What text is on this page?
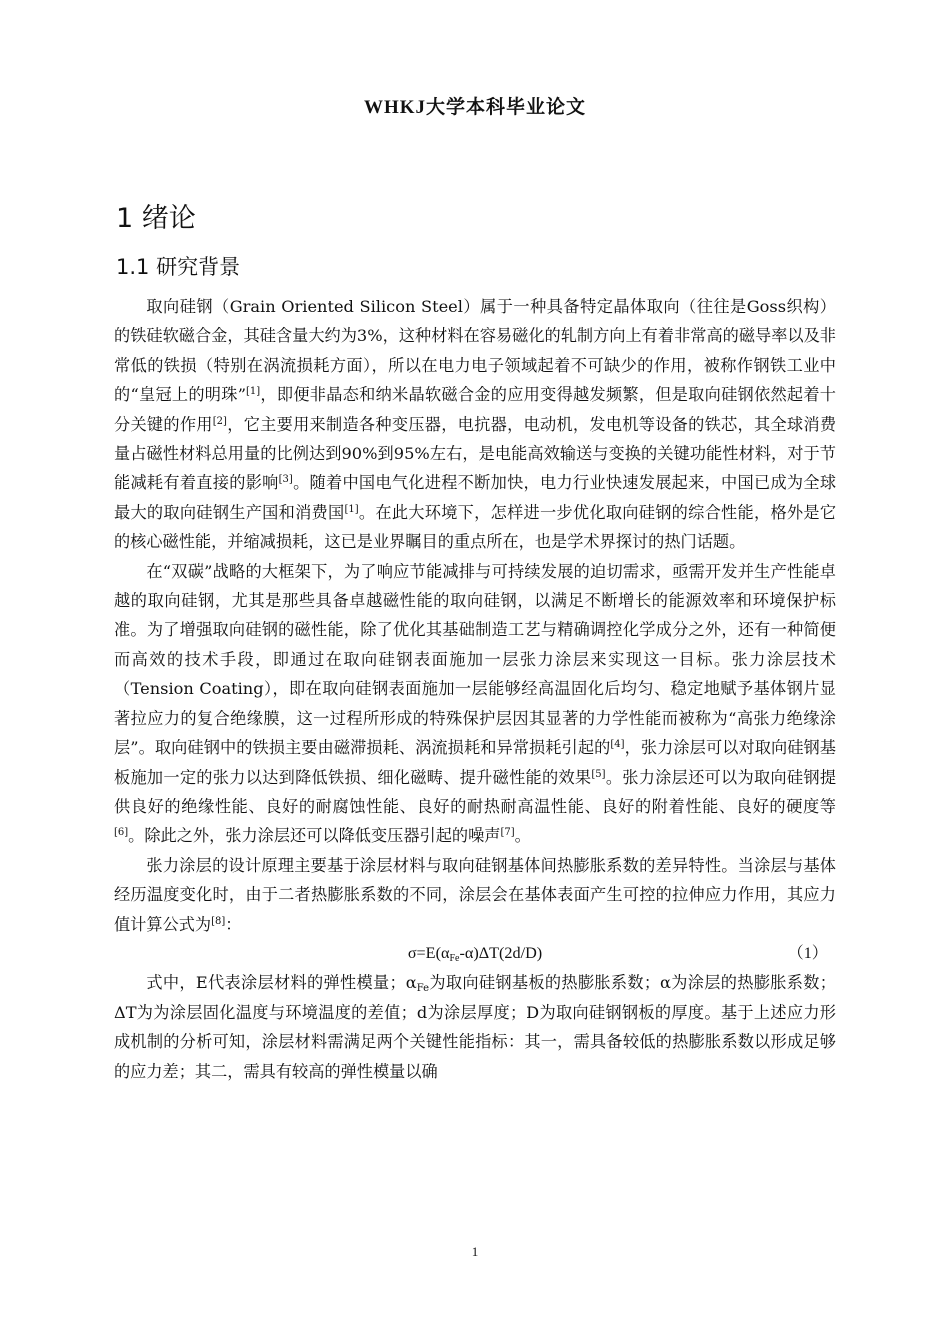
WHKJ大学本科毕业论文
1 绪论
1.1 研究背景

取向硅钢（Grain Oriented Silicon Steel）属于一种具备特定晶体取向（往往是Goss织构）的铁硅软磁合金，其硅含量大约为3%，这种材料在容易磁化的轧制方向上有着非常高的磁导率以及非常低的铁损（特别在涡流损耗方面），所以在电力电子领域起着不可缺少的作用，被称作钢铁工业中的“皇冠上的明珠”[1]，即便非晶态和纳米晶软磁合金的应用变得越发频繁，但是取向硅钢依然起着十分关键的作用[2]，它主要用来制造各种变压器，电抗器，电动机，发电机等设备的铁芯，其全球消费量占磁性材料总用量的比例达到90%到95%左右，是电能高效输送与变换的关键功能性材料，对于节能减耗有着直接的影响[3]。随着中国电气化进程不断加快，电力行业快速发展起来，中国已成为全球最大的取向硅钢生产国和消费国[1]。在此大环境下，怎样进一步优化取向硅钢的综合性能，格外是它的核心磁性能，并缩减损耗，这已是业界瞩目的重点所在，也是学术界探讨的热门话题。

在“双碳”战略的大框架下，为了响应节能减排与可持续发展的迫切需求，亟需开发并生产性能卓越的取向硅钢，尤其是那些具备卓越磁性能的取向硅钢，以满足不断增长的能源效率和环境保护标准。为了增强取向硅钢的磁性能，除了优化其基础制造工艺与精确调控化学成分之外，还有一种简便而高效的技术手段，即通过在取向硅钢表面施加一层张力涂层来实现这一目标。张力涂层技术（Tension Coating），即在取向硅钢表面施加一层能够经高温固化后均匀、稳定地赋予基体钢片显著拉应力的复合绝缘膜，这一过程所形成的特殊保护层因其显著的力学性能而被称为“高张力绝缘涂层”。取向硅钢中的铁损主要由磁滞损耗、涡流损耗和异常损耗引起的[4]，张力涂层可以对取向硅钢基板施加一定的张力以达到降低铁损、细化磁畴、提升磁性能的效果[5]。张力涂层还可以为取向硅钢提供良好的绝缘性能、良好的耐腐蚀性能、良好的耐热耐高温性能、良好的附着性能、良好的硬度等[6]。除此之外，张力涂层还可以降低变压器引起的噪声[7]。

张力涂层的设计原理主要基于涂层材料与取向硅钢基体间热膨胀系数的差异特性。当涂层与基体经历温度变化时，由于二者热膨胀系数的不同，涂层会在基体表面产生可控的拉伸应力作用，其应力值计算公式为[8]：

$\sigma=E(\alpha_{Fe}-\alpha)\Delta T(2d/D)$	（1）

式中，E代表涂层材料的弹性模量；$\alpha_{Fe}$为取向硅钢基板的热膨胀系数；α为涂层的热膨胀系数；ΔT为为涂层固化温度与环境温度的差值；d为涂层厚度；D为取向硅钢钢板的厚度。基于上述应力形成机制的分析可知，涂层材料需满足两个关键性能指标：其一，需具备较低的热膨胀系数以形成足够的应力差；其二，需具有较高的弹性模量以确

1
